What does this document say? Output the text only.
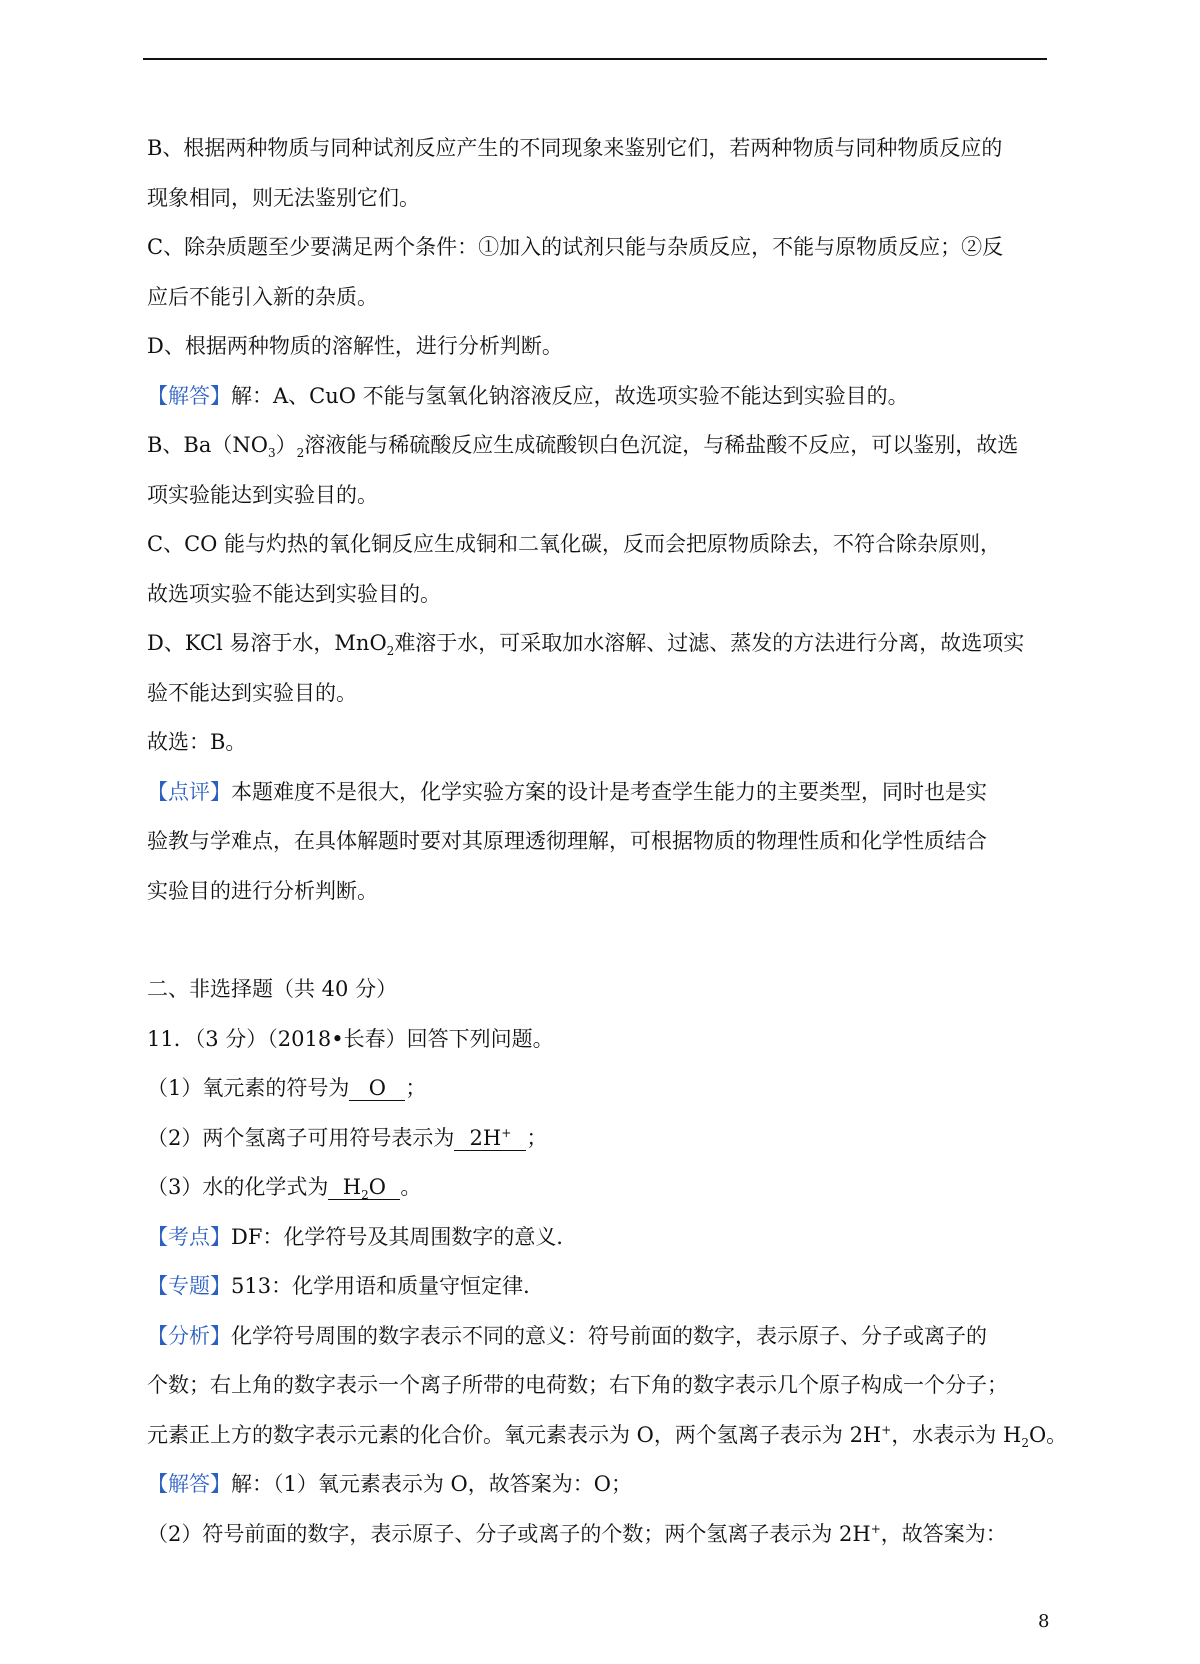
B、根据两种物质与同种试剂反应产生的不同现象来鉴别它们，若两种物质与同种物质反应的

现象相同，则无法鉴别它们。

C、除杂质题至少要满足两个条件：①加入的试剂只能与杂质反应，不能与原物质反应；②反

应后不能引入新的杂质。

D、根据两种物质的溶解性，进行分析判断。

【解答】解：A、CuO 不能与氢氧化钠溶液反应，故选项实验不能达到实验目的。

B、$Ba(NO_3)_2$溶液能与稀硫酸反应生成硫酸钡白色沉淀，与稀盐酸不反应，可以鉴别，故选

项实验能达到实验目的。

C、CO 能与灼热的氧化铜反应生成铜和二氧化碳，反而会把原物质除去，不符合除杂原则，

故选项实验不能达到实验目的。

D、KCl 易溶于水，MnO$_2$难溶于水，可采取加水溶解、过滤、蒸发的方法进行分离，故选项实

验不能达到实验目的。

故选：B。

【点评】本题难度不是很大，化学实验方案的设计是考查学生能力的主要类型，同时也是实

验教与学难点，在具体解题时要对其原理透彻理解，可根据物质的物理性质和化学性质结合

实验目的进行分析判断。

二、非选择题（共 40 分）

11．（3 分）（2018•长春）回答下列问题。

（1）氧元素的符号为 O ；

（2）两个氢离子可用符号表示为 2H+ ；

（3）水的化学式为 $H_2O$ 。

【考点】DF：化学符号及其周围数字的意义．

【专题】513：化学用语和质量守恒定律．

【分析】化学符号周围的数字表示不同的意义：符号前面的数字，表示原子、分子或离子的

个数；右上角的数字表示一个离子所带的电荷数；右下角的数字表示几个原子构成一个分子；

元素正上方的数字表示元素的化合价。氧元素表示为 O，两个氢离子表示为 2H+，水表示为 $H_2O$。

【解答】解：（1）氧元素表示为 O，故答案为：O；

（2）符号前面的数字，表示原子、分子或离子的个数；两个氢离子表示为 2H+，故答案为：

8
